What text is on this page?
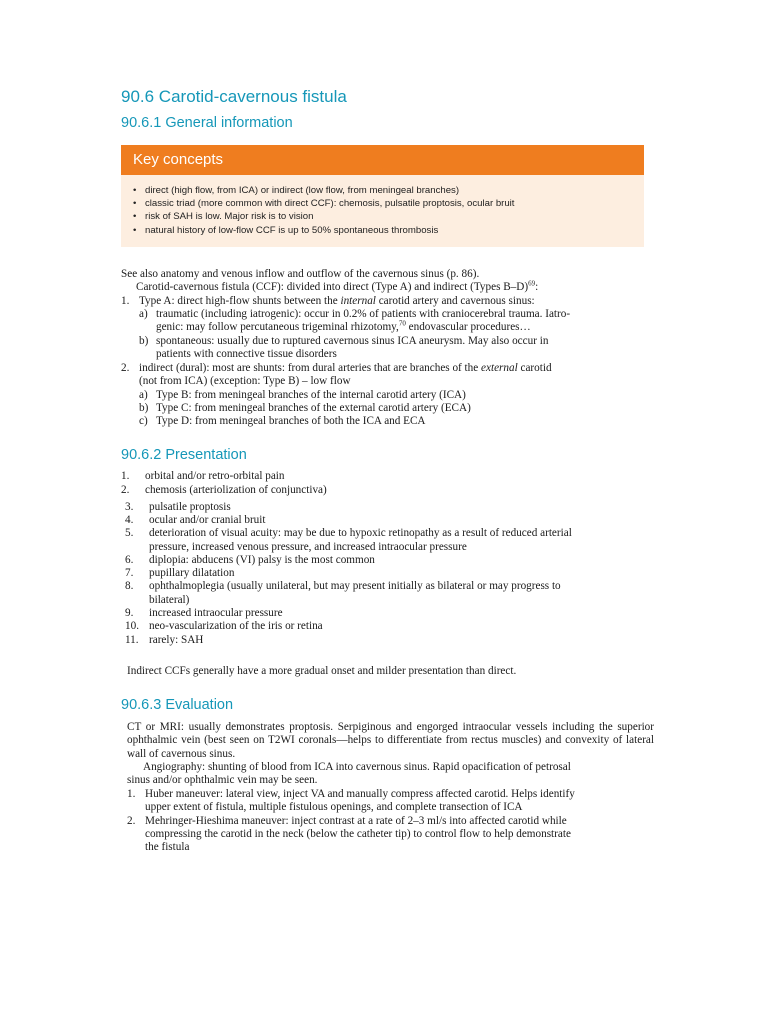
90.6 Carotid-cavernous fistula
90.6.1 General information
Key concepts
• direct (high flow, from ICA) or indirect (low flow, from meningeal branches)
• classic triad (more common with direct CCF): chemosis, pulsatile proptosis, ocular bruit
• risk of SAH is low. Major risk is to vision
• natural history of low-flow CCF is up to 50% spontaneous thrombosis
See also anatomy and venous inflow and outflow of the cavernous sinus (p. 86).
Carotid-cavernous fistula (CCF): divided into direct (Type A) and indirect (Types B–D)$^{69}$:
1. Type A: direct high-flow shunts between the internal carotid artery and cavernous sinus:
a) traumatic (including iatrogenic): occur in 0.2% of patients with craniocerebral trauma. Iatro-
genic: may follow percutaneous trigeminal rhizotomy,$^{70}$ endovascular procedures…
b) spontaneous: usually due to ruptured cavernous sinus ICA aneurysm. May also occur in
patients with connective tissue disorders
2. indirect (dural): most are shunts: from dural arteries that are branches of the external carotid
(not from ICA) (exception: Type B) – low flow
a) Type B: from meningeal branches of the internal carotid artery (ICA)
b) Type C: from meningeal branches of the external carotid artery (ECA)
c) Type D: from meningeal branches of both the ICA and ECA
90.6.2 Presentation
1. orbital and/or retro-orbital pain
2. chemosis (arteriolization of conjunctiva)
3. pulsatile proptosis
4. ocular and/or cranial bruit
5. deterioration of visual acuity: may be due to hypoxic retinopathy as a result of reduced arterial
pressure, increased venous pressure, and increased intraocular pressure
6. diplopia: abducens (VI) palsy is the most common
7. pupillary dilatation
8. ophthalmoplegia (usually unilateral, but may present initially as bilateral or may progress to
bilateral)
9. increased intraocular pressure
10. neo-vascularization of the iris or retina
11. rarely: SAH
Indirect CCFs generally have a more gradual onset and milder presentation than direct.
90.6.3 Evaluation
CT or MRI: usually demonstrates proptosis. Serpiginous and engorged intraocular vessels including the superior ophthalmic vein (best seen on T2WI coronals—helps to differentiate from rectus muscles) and convexity of lateral wall of cavernous sinus.
Angiography: shunting of blood from ICA into cavernous sinus. Rapid opacification of petrosal
sinus and/or ophthalmic vein may be seen.
1. Huber maneuver: lateral view, inject VA and manually compress affected carotid. Helps identify
upper extent of fistula, multiple fistulous openings, and complete transection of ICA
2. Mehringer-Hieshima maneuver: inject contrast at a rate of 2–3 ml/s into affected carotid while
compressing the carotid in the neck (below the catheter tip) to control flow to help demonstrate
the fistula
